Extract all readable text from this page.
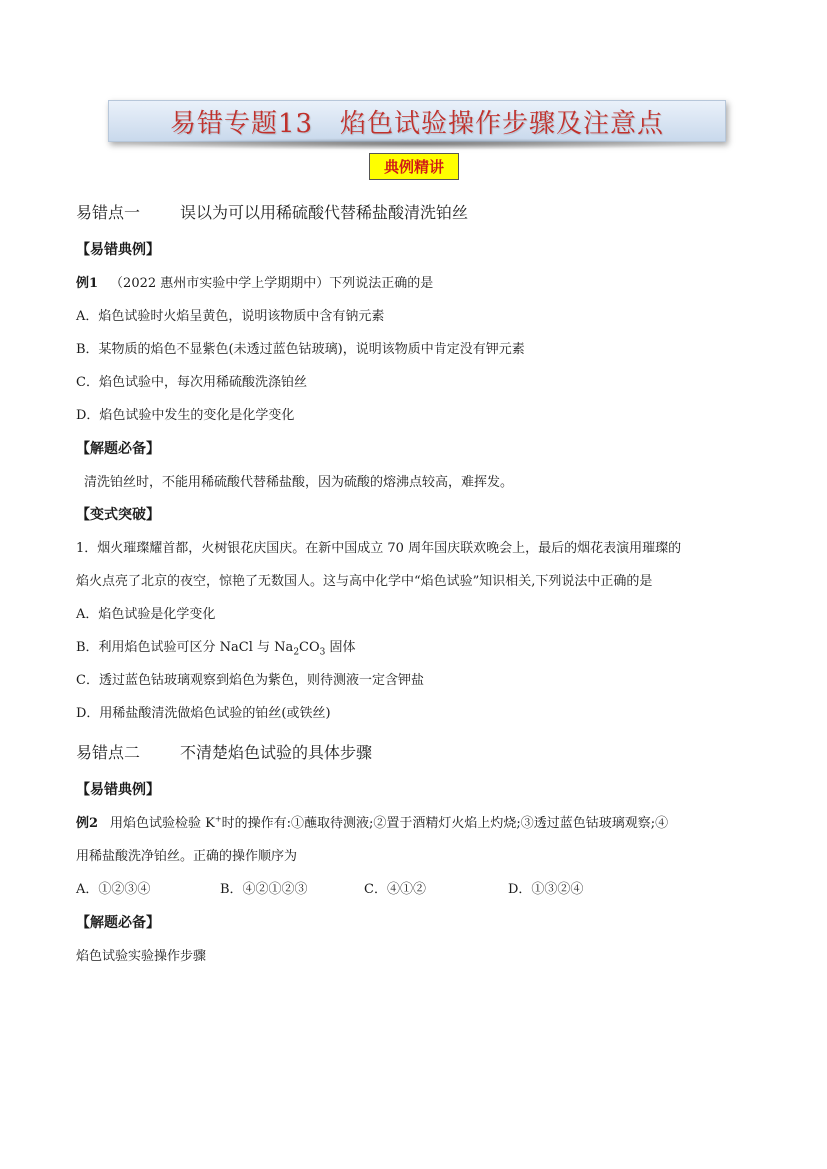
易错专题13　焰色试验操作步骤及注意点
典例精讲
易错点一	误以为可以用稀硫酸代替稀盐酸清洗铂丝
【易错典例】
例1 （2022 惠州市实验中学上学期期中）下列说法正确的是
A．焰色试验时火焰呈黄色，说明该物质中含有钠元素
B．某物质的焰色不显紫色(未透过蓝色钴玻璃)，说明该物质中肯定没有钾元素
C．焰色试验中，每次用稀硫酸洗涤铂丝
D．焰色试验中发生的变化是化学变化
【解题必备】
清洗铂丝时，不能用稀硫酸代替稀盐酸，因为硫酸的熔沸点较高，难挥发。
【变式突破】
1．烟火璀璨耀首都，火树银花庆国庆。在新中国成立 70 周年国庆联欢晚会上，最后的烟花表演用璀璨的
焰火点亮了北京的夜空，惊艳了无数国人。这与高中化学中“焰色试验”知识相关,下列说法中正确的是
A．焰色试验是化学变化
B．利用焰色试验可区分 NaCl 与 $Na_2CO_3$ 固体
C．透过蓝色钴玻璃观察到焰色为紫色，则待测液一定含钾盐
D．用稀盐酸清洗做焰色试验的铂丝(或铁丝)
易错点二	不清楚焰色试验的具体步骤
【易错典例】
例2 用焰色试验检验 K+时的操作有:①蘸取待测液;②置于酒精灯火焰上灼烧;③透过蓝色钴玻璃观察;④
用稀盐酸洗净铂丝。正确的操作顺序为
A．①②③④	B．④②①②③	C．④①②	D．①③②④
【解题必备】
焰色试验实验操作步骤
